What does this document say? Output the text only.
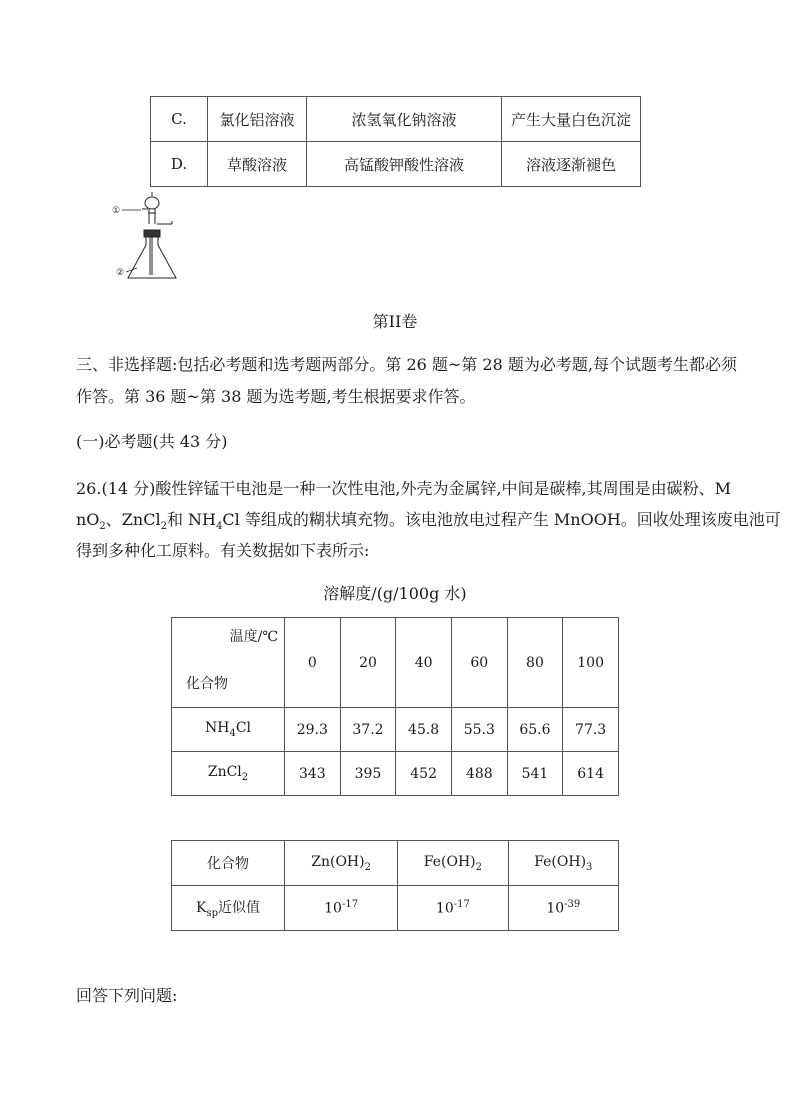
C.	氯化铝溶液	浓氢氧化钠溶液	产生大量白色沉淀
D.	草酸溶液	高锰酸钾酸性溶液	溶液逐渐褪色
①
②
第II卷
三、非选择题:包括必考题和选考题两部分。第 26 题~第 28 题为必考题,每个试题考生都必须
作答。第 36 题~第 38 题为选考题,考生根据要求作答。
(一)必考题(共 43 分)
26.(14 分)酸性锌锰干电池是一种一次性电池,外壳为金属锌,中间是碳棒,其周围是由碳粉、M
$nO_2$、ZnCl$_2$和 $NH_4Cl$ 等组成的糊状填充物。该电池放电过程产生 MnOOH。回收处理该废电池可
得到多种化工原料。有关数据如下表所示:
溶解度/(g/100g 水)
温度/℃
化合物	0	20	40	60	80	100
$NH_4Cl$	29.3	37.2	45.8	55.3	65.6	77.3
ZnCl$_2$	343	395	452	488	541	614
化合物	$Zn(OH)_2$	$Fe(OH)_2$	$Fe(OH)_3$
$K_{sp}$近似值	$10^{-17}$	$10^{-17}$	$10^{-39}$
回答下列问题:
